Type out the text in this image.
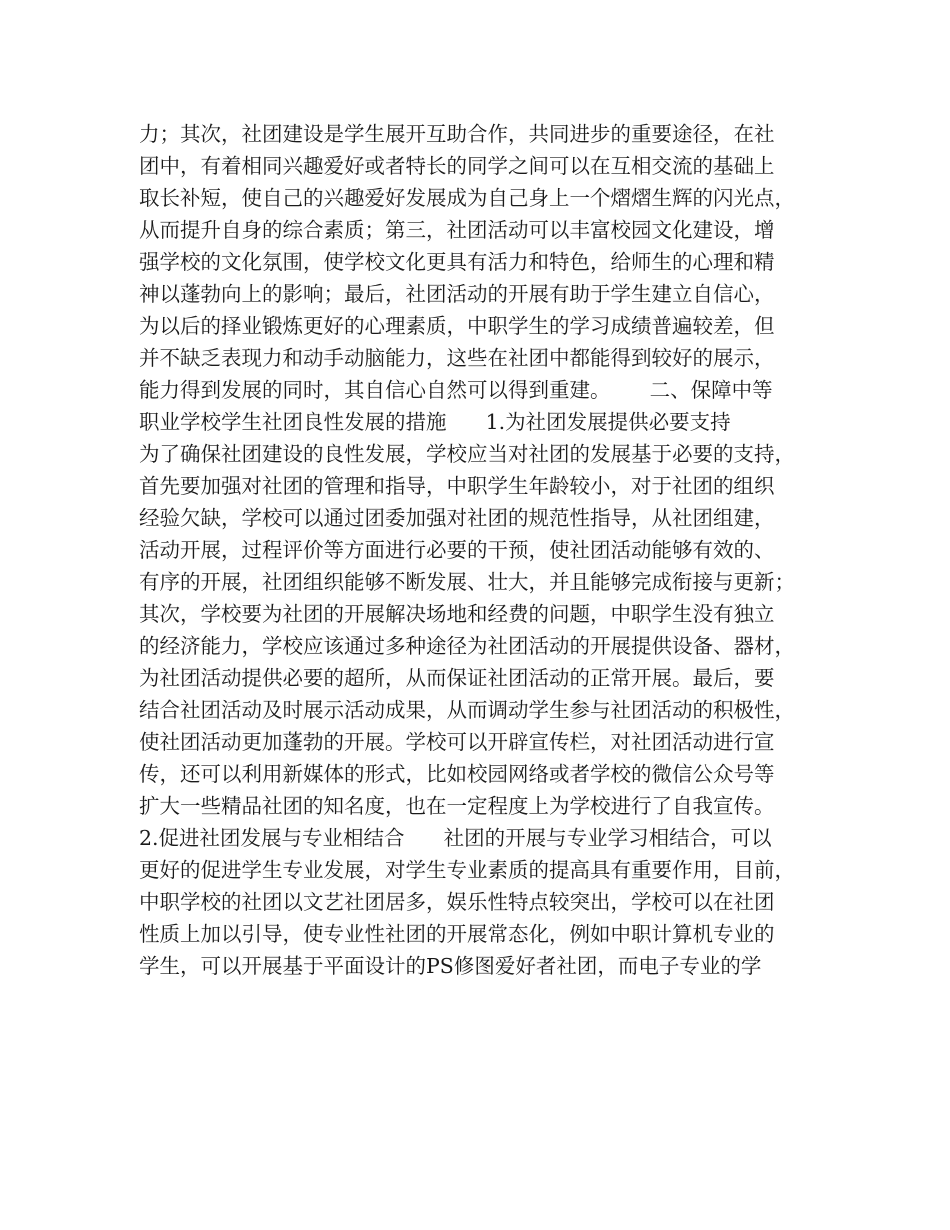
力；其次，社团建设是学生展开互助合作，共同进步的重要途径，在社
团中，有着相同兴趣爱好或者特长的同学之间可以在互相交流的基础上
取长补短，使自己的兴趣爱好发展成为自己身上一个熠熠生辉的闪光点，
从而提升自身的综合素质；第三，社团活动可以丰富校园文化建设，增
强学校的文化氛围，使学校文化更具有活力和特色，给师生的心理和精
神以蓬勃向上的影响；最后，社团活动的开展有助于学生建立自信心，
为以后的择业锻炼更好的心理素质，中职学生的学习成绩普遍较差，但
并不缺乏表现力和动手动脑能力，这些在社团中都能得到较好的展示，
能力得到发展的同时，其自信心自然可以得到重建。      二、保障中等
职业学校学生社团良性发展的措施      1.为社团发展提供必要支持
为了确保社团建设的良性发展，学校应当对社团的发展基于必要的支持，
首先要加强对社团的管理和指导，中职学生年龄较小，对于社团的组织
经验欠缺，学校可以通过团委加强对社团的规范性指导，从社团组建，
活动开展，过程评价等方面进行必要的干预，使社团活动能够有效的、
有序的开展，社团组织能够不断发展、壮大，并且能够完成衔接与更新；
其次，学校要为社团的开展解决场地和经费的问题，中职学生没有独立
的经济能力，学校应该通过多种途径为社团活动的开展提供设备、器材，
为社团活动提供必要的超所，从而保证社团活动的正常开展。最后，要
结合社团活动及时展示活动成果，从而调动学生参与社团活动的积极性，
使社团活动更加蓬勃的开展。学校可以开辟宣传栏，对社团活动进行宣
传，还可以利用新媒体的形式，比如校园网络或者学校的微信公众号等
扩大一些精品社团的知名度，也在一定程度上为学校进行了自我宣传。
2.促进社团发展与专业相结合      社团的开展与专业学习相结合，可以
更好的促进学生专业发展，对学生专业素质的提高具有重要作用，目前，
中职学校的社团以文艺社团居多，娱乐性特点较突出，学校可以在社团
性质上加以引导，使专业性社团的开展常态化，例如中职计算机专业的
学生，可以开展基于平面设计的PS修图爱好者社团，而电子专业的学
